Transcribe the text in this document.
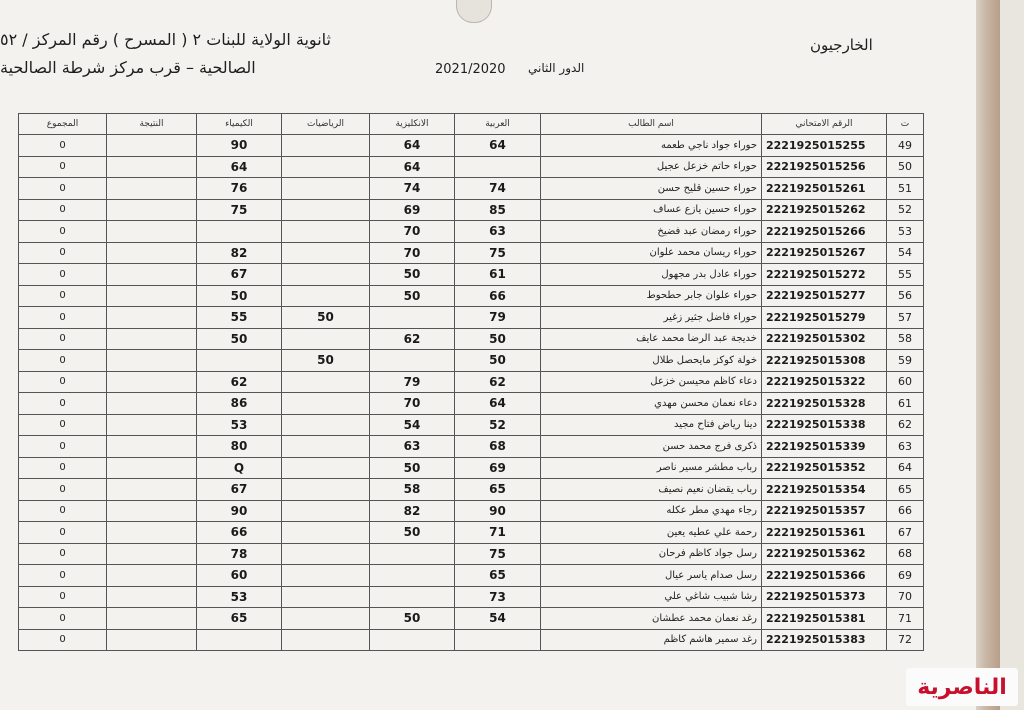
ثانوية الولاية للبنات ٢ ( المسرح ) رقم المركز / ٥٢
الصالحية – قرب مركز شرطة الصالحية	الدور الثاني
2021/2020
الخارجيون
ت	الرقم الامتحاني	اسم الطالب	العربية	الانكليزية	الرياضيات	الكيمياء	النتيجة	المجموع
49	2221925015255	حوراء جواد ناجي طعمه	64	64		90		0
50	2221925015256	حوراء حاتم خزعل عجيل		64		64		0
51	2221925015261	حوراء حسين قليح حسن	74	74		76		0
52	2221925015262	حوراء حسين يازع عساف	85	69		75		0
53	2221925015266	حوراء رمضان عبد فضيخ	63	70				0
54	2221925015267	حوراء ريسان محمد علوان	75	70		82		0
55	2221925015272	حوراء عادل بدر مجهول	61	50		67		0
56	2221925015277	حوراء علوان جابر حطحوط	66	50		50		0
57	2221925015279	حوراء فاضل جثير زغير	79		50	55		0
58	2221925015302	خديجة عبد الرضا محمد عايف	50	62		50		0
59	2221925015308	خولة كوكز مايحصل طلال	50		50			0
60	2221925015322	دعاء كاظم محيسن خزعل	62	79		62		0
61	2221925015328	دعاء نعمان محسن مهدي	64	70		86		0
62	2221925015338	دينا رياض فتاح مجيد	52	54		53		0
63	2221925015339	ذكرى فرج محمد حسن	68	63		80		0
64	2221925015352	رباب مطشر مسير ناصر	69	50		Q		0
65	2221925015354	رباب يقضان نعيم نصيف	65	58		67		0
66	2221925015357	رجاء مهدي مطر عكله	90	82		90		0
67	2221925015361	رحمة علي عطيه يعين	71	50		66		0
68	2221925015362	رسل جواد كاظم فرحان	75			78		0
69	2221925015366	رسل صدام ياسر عيال	65			60		0
70	2221925015373	رشا شبيب شاغي علي	73			53		0
71	2221925015381	رغد نعمان محمد عطشان	54	50		65		0
72	2221925015383	رغد سمير هاشم كاظم						0
الناصرية
